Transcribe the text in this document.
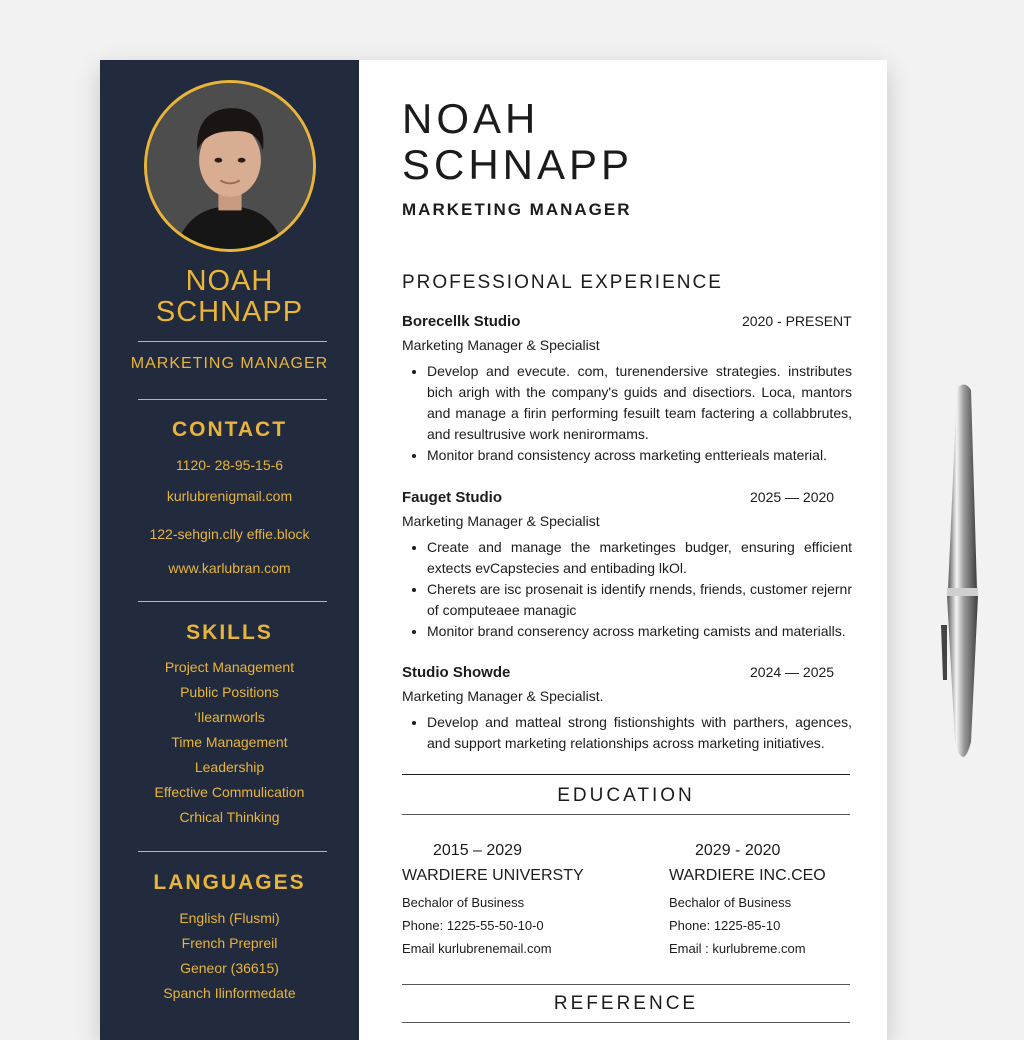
NOAH
SCHNAPP
MARKETING MANAGER
CONTACT
1120- 28-95-15-6
kurlubrenigmail.com
122-sehgin.clly effie.block
www.karlubran.com
SKILLS
Project Management
Public Positions
‘Ilearnworls
Time Management
Leadership
Effective Commulication
Crhical Thinking
LANGUAGES
English (Flusmi)
French Prepreil
Geneor (36615)
Spanch Ilinformedate
NOAH
SCHNAPP
MARKETING MANAGER
PROFESSIONAL EXPERIENCE
Borecellk Studio	2020 - PRESENT
Marketing Manager & Specialist
• Develop and evecute. com, turenendersive strategies. instributes bich arigh with the company's guids and disectiors. Loca, mantors and manage a firin performing fesuilt team factering a collabbrutes, and resultrusive work nenirormams.
• Monitor brand consistency across marketing entterieals material.
Fauget Studio	2025 — 2020
Marketing Manager & Specialist
• Create and manage the marketinges budger, ensuring efficient extects evCapstecies and entibading lkOl.
• Cherets are isc prosenait is identify rnends, friends, customer rejernr of computeaee managic
• Monitor brand conserency across marketing camists and materialls.
Studio Showde	2024 — 2025
Marketing Manager & Specialist.
• Develop and matteal strong fistionshights with parthers, agences, and support marketing relationships across marketing initiatives.
EDUCATION
2015 – 2029
WARDIERE UNIVERSTY
Bechalor of Business
Phone: 1225-55-50-10-0
Email kurlubrenemail.com
2029 - 2020
WARDIERE INC.CEO
Bechalor of Business
Phone: 1225-85-10
Email : kurlubreme.com
REFERENCE
